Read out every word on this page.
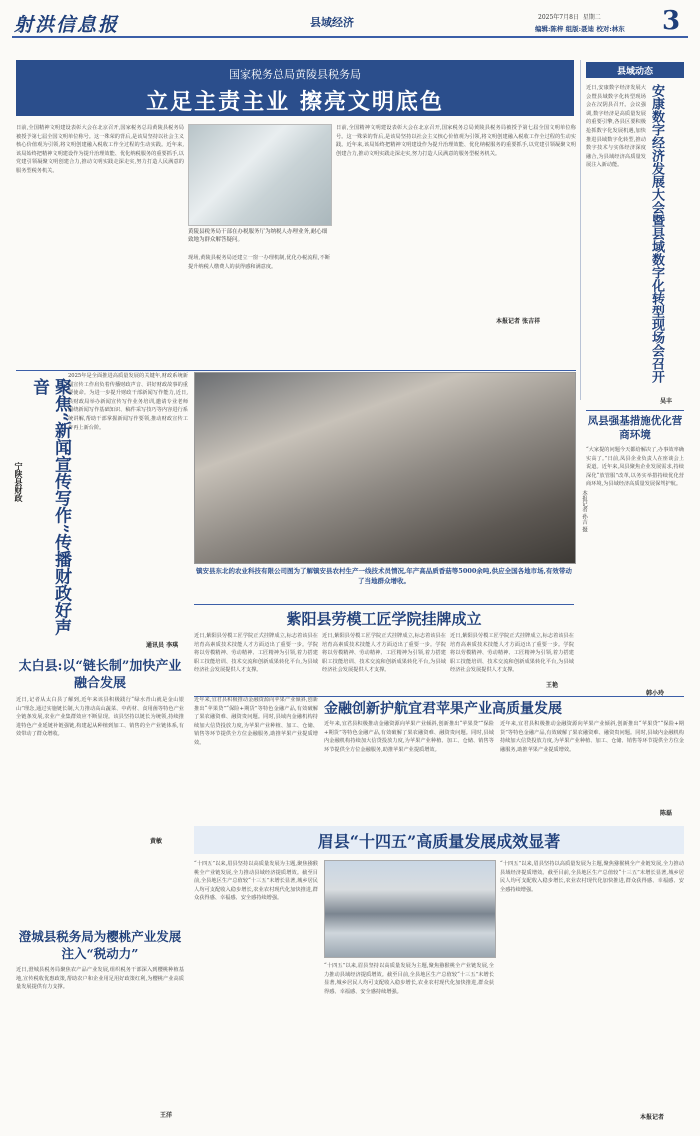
射洪信息报	县域经济	2025年7月8日 星期二 3
编辑:陈梓 组版:聂迪 校对:林东
国家税务总局黄陵县税务局
立足主责主业 擦亮文明底色
日前,全国精神文明建设表彰大会在北京召开,国家税务总局黄陵县税务局被授予第七届全国文明单位称号。这一殊荣的背后,是该局坚持以社会主义核心价值观为引领,将文明创建融入税收工作全过程的生动实践。近年来,该局始终把精神文明建设作为提升治理效能、优化纳税服务的重要抓手,以党建引领凝聚文明创建合力,推动文明实践走深走实,努力打造人民满意的服务型税务机关。
黄陵县税务局干部在办税服务厅为纳税人办理业务,耐心细致地为群众解答疑问。
现场,黄陵县税务局还建立一窗一办理机制,优化办税流程,不断提升纳税人缴费人的获得感和满意度。
日前,全国精神文明建设表彰大会在北京召开,国家税务总局黄陵县税务局被授予第七届全国文明单位称号。这一殊荣的背后,是该局坚持以社会主义核心价值观为引领,将文明创建融入税收工作全过程的生动实践。近年来,该局始终把精神文明建设作为提升治理效能、优化纳税服务的重要抓手,以党建引领凝聚文明创建合力,推动文明实践走深走实,努力打造人民满意的服务型税务机关。
本报记者 张吉祥
聚焦“新闻宣传写作”传播财政好声音
宁陕县财政
2025年是全面推进高质量发展的关键年,财政系统新闻宣传工作肩负着传播财政声音、讲好财政故事的重要使命。为进一步提升财政干部新闻写作能力,近日,县财政局举办新闻宣传写作业务培训,邀请专业老师围绕新闻写作基础知识、稿件采写技巧等内容进行系统讲解,帮助干部掌握新闻写作要领,推动财政宣传工作再上新台阶。
通讯员 李琪
本报记者 孙吉 摄
镇安县东北的农业科技有限公司图为了解镇安县农村生产一线技术员情况,年产高品质香菇等5000余吨,供应全国各地市场,有效带动了当地群众增收。
紫阳县劳模工匠学院挂牌成立
近日,紫阳县劳模工匠学院正式挂牌成立,标志着该县在培育高素质技术技能人才方面迈出了重要一步。学院将以劳模精神、劳动精神、工匠精神为引领,着力搭建职工技能培训、技术交流和创新成果转化平台,为县域经济社会发展提供人才支撑。
近日,紫阳县劳模工匠学院正式挂牌成立,标志着该县在培育高素质技术技能人才方面迈出了重要一步。学院将以劳模精神、劳动精神、工匠精神为引领,着力搭建职工技能培训、技术交流和创新成果转化平台,为县域经济社会发展提供人才支撑。
近日,紫阳县劳模工匠学院正式挂牌成立,标志着该县在培育高素质技术技能人才方面迈出了重要一步。学院将以劳模精神、劳动精神、工匠精神为引领,着力搭建职工技能培训、技术交流和创新成果转化平台,为县域经济社会发展提供人才支撑。
王艳
太白县:以“链长制”加快产业融合发展
近日,记者从太白县了解到,近年来该县积极践行“绿水青山就是金山银山”理念,通过实施链长制,大力推动高山蔬菜、中药材、食用菌等特色产业全链条发展,农业产业集群效应不断显现。该县坚持以链长为统领,持续推进特色产业延链补链强链,构建起从种植到加工、销售的全产业链体系,有效带动了群众增收。
黄敏
金融创新护航宜君苹果产业高质量发展
近年来,宜君县积极推动金融资源向苹果产业倾斜,创新推出“苹果贷”“保险+期货”等特色金融产品,有效破解了果农融资难、融资贵问题。同时,县域内金融机构持续加大信贷投放力度,为苹果产业种植、加工、仓储、销售等环节提供全方位金融服务,助推苹果产业提质增效。
近年来,宜君县积极推动金融资源向苹果产业倾斜,创新推出“苹果贷”“保险+期货”等特色金融产品,有效破解了果农融资难、融资贵问题。同时,县域内金融机构持续加大信贷投放力度,为苹果产业种植、加工、仓储、销售等环节提供全方位金融服务,助推苹果产业提质增效。
近年来,宜君县积极推动金融资源向苹果产业倾斜,创新推出“苹果贷”“保险+期货”等特色金融产品,有效破解了果农融资难、融资贵问题。同时,县域内金融机构持续加大信贷投放力度,为苹果产业种植、加工、仓储、销售等环节提供全方位金融服务,助推苹果产业提质增效。
陈磊
眉县“十四五”高质量发展成效显著
“十四五”以来,眉县坚持以高质量发展为主题,聚焦猕猴桃全产业链发展,全力推动县域经济提质增效。截至目前,全县地区生产总值较“十三五”末增长显著,城乡居民人均可支配收入稳步增长,农业农村现代化加快推进,群众获得感、幸福感、安全感持续增强。
“十四五”以来,眉县坚持以高质量发展为主题,聚焦猕猴桃全产业链发展,全力推动县域经济提质增效。截至目前,全县地区生产总值较“十三五”末增长显著,城乡居民人均可支配收入稳步增长,农业农村现代化加快推进,群众获得感、幸福感、安全感持续增强。
“十四五”以来,眉县坚持以高质量发展为主题,聚焦猕猴桃全产业链发展,全力推动县域经济提质增效。截至目前,全县地区生产总值较“十三五”末增长显著,城乡居民人均可支配收入稳步增长,农业农村现代化加快推进,群众获得感、幸福感、安全感持续增强。
本报记者
澄城县税务局为樱桃产业发展注入“税动力”
近日,澄城县税务局聚焦农产品产业发展,组织税务干部深入到樱桃种植基地,宣传税收优惠政策,帮助农户和企业用足用好政策红利,为樱桃产业高质量发展提供有力支撑。
王洋
县域动态
近日,安康数字经济发展大会暨县域数字化转型现场会在汉阴县召开。会议强调,数字经济是高质量发展的重要引擎,各县区要积极抢抓数字化发展机遇,加快推进县域数字化转型,推动数字技术与实体经济深度融合,为县域经济高质量发展注入新动能。	安康数字经济发展大会暨县域数字化转型现场会召开
吴丰
凤县强基措施优化营商环境
“大家提的问题今天都给解决了,办事效率确实高了。”日前,凤县企业负责人在座谈会上说道。近年来,凤县聚焦企业发展需求,持续深化“放管服”改革,以务实举措持续优化营商环境,为县域经济高质量发展保驾护航。
韩小玲
